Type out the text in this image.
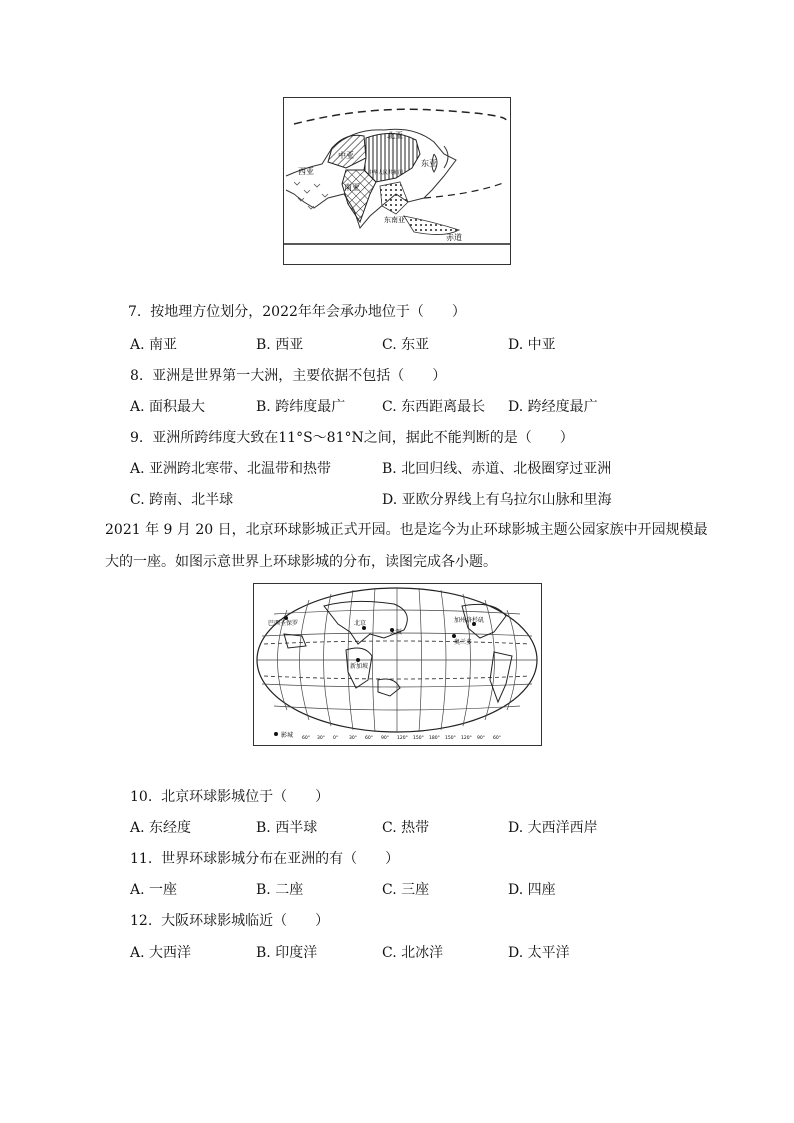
北亚
东亚
西亚
南亚
中亚
中华人民共和国
东南亚
赤道
7. 按地理方位划分，2022年年会承办地位于（　　）
A. 南亚	B. 西亚	C. 东亚	D. 中亚
8. 亚洲是世界第一大洲，主要依据不包括（　　）
A. 面积最大	B. 跨纬度最广	C. 东西距离最长 D. 跨经度最广
9. 亚洲所跨纬度大致在11°S～81°N之间，据此不能判断的是（　　）
A. 亚洲跨北寒带、北温带和热带	B. 北回归线、赤道、北极圈穿过亚洲
C. 跨南、北半球	D. 亚欧分界线上有乌拉尔山脉和里海
2021 年 9 月 20 日，北京环球影城正式开园。也是迄今为止环球影城主题公园家族中开园规模最
大的一座。如图示意世界上环球影城的分布，读图完成各小题。
巴西圣保罗	北京
大阪
加州洛杉矶
新加坡
奥兰多
影城 60° 30° 0° 30° 60° 90° 120° 150° 180° 150° 120° 90° 60°
10. 北京环球影城位于（　　）
A. 东经度	B. 西半球	C. 热带	D. 大西洋西岸
11. 世界环球影城分布在亚洲的有（　　）
A. 一座	B. 二座	C. 三座	D. 四座
12. 大阪环球影城临近（　　）
A. 大西洋	B. 印度洋	C. 北冰洋	D. 太平洋
